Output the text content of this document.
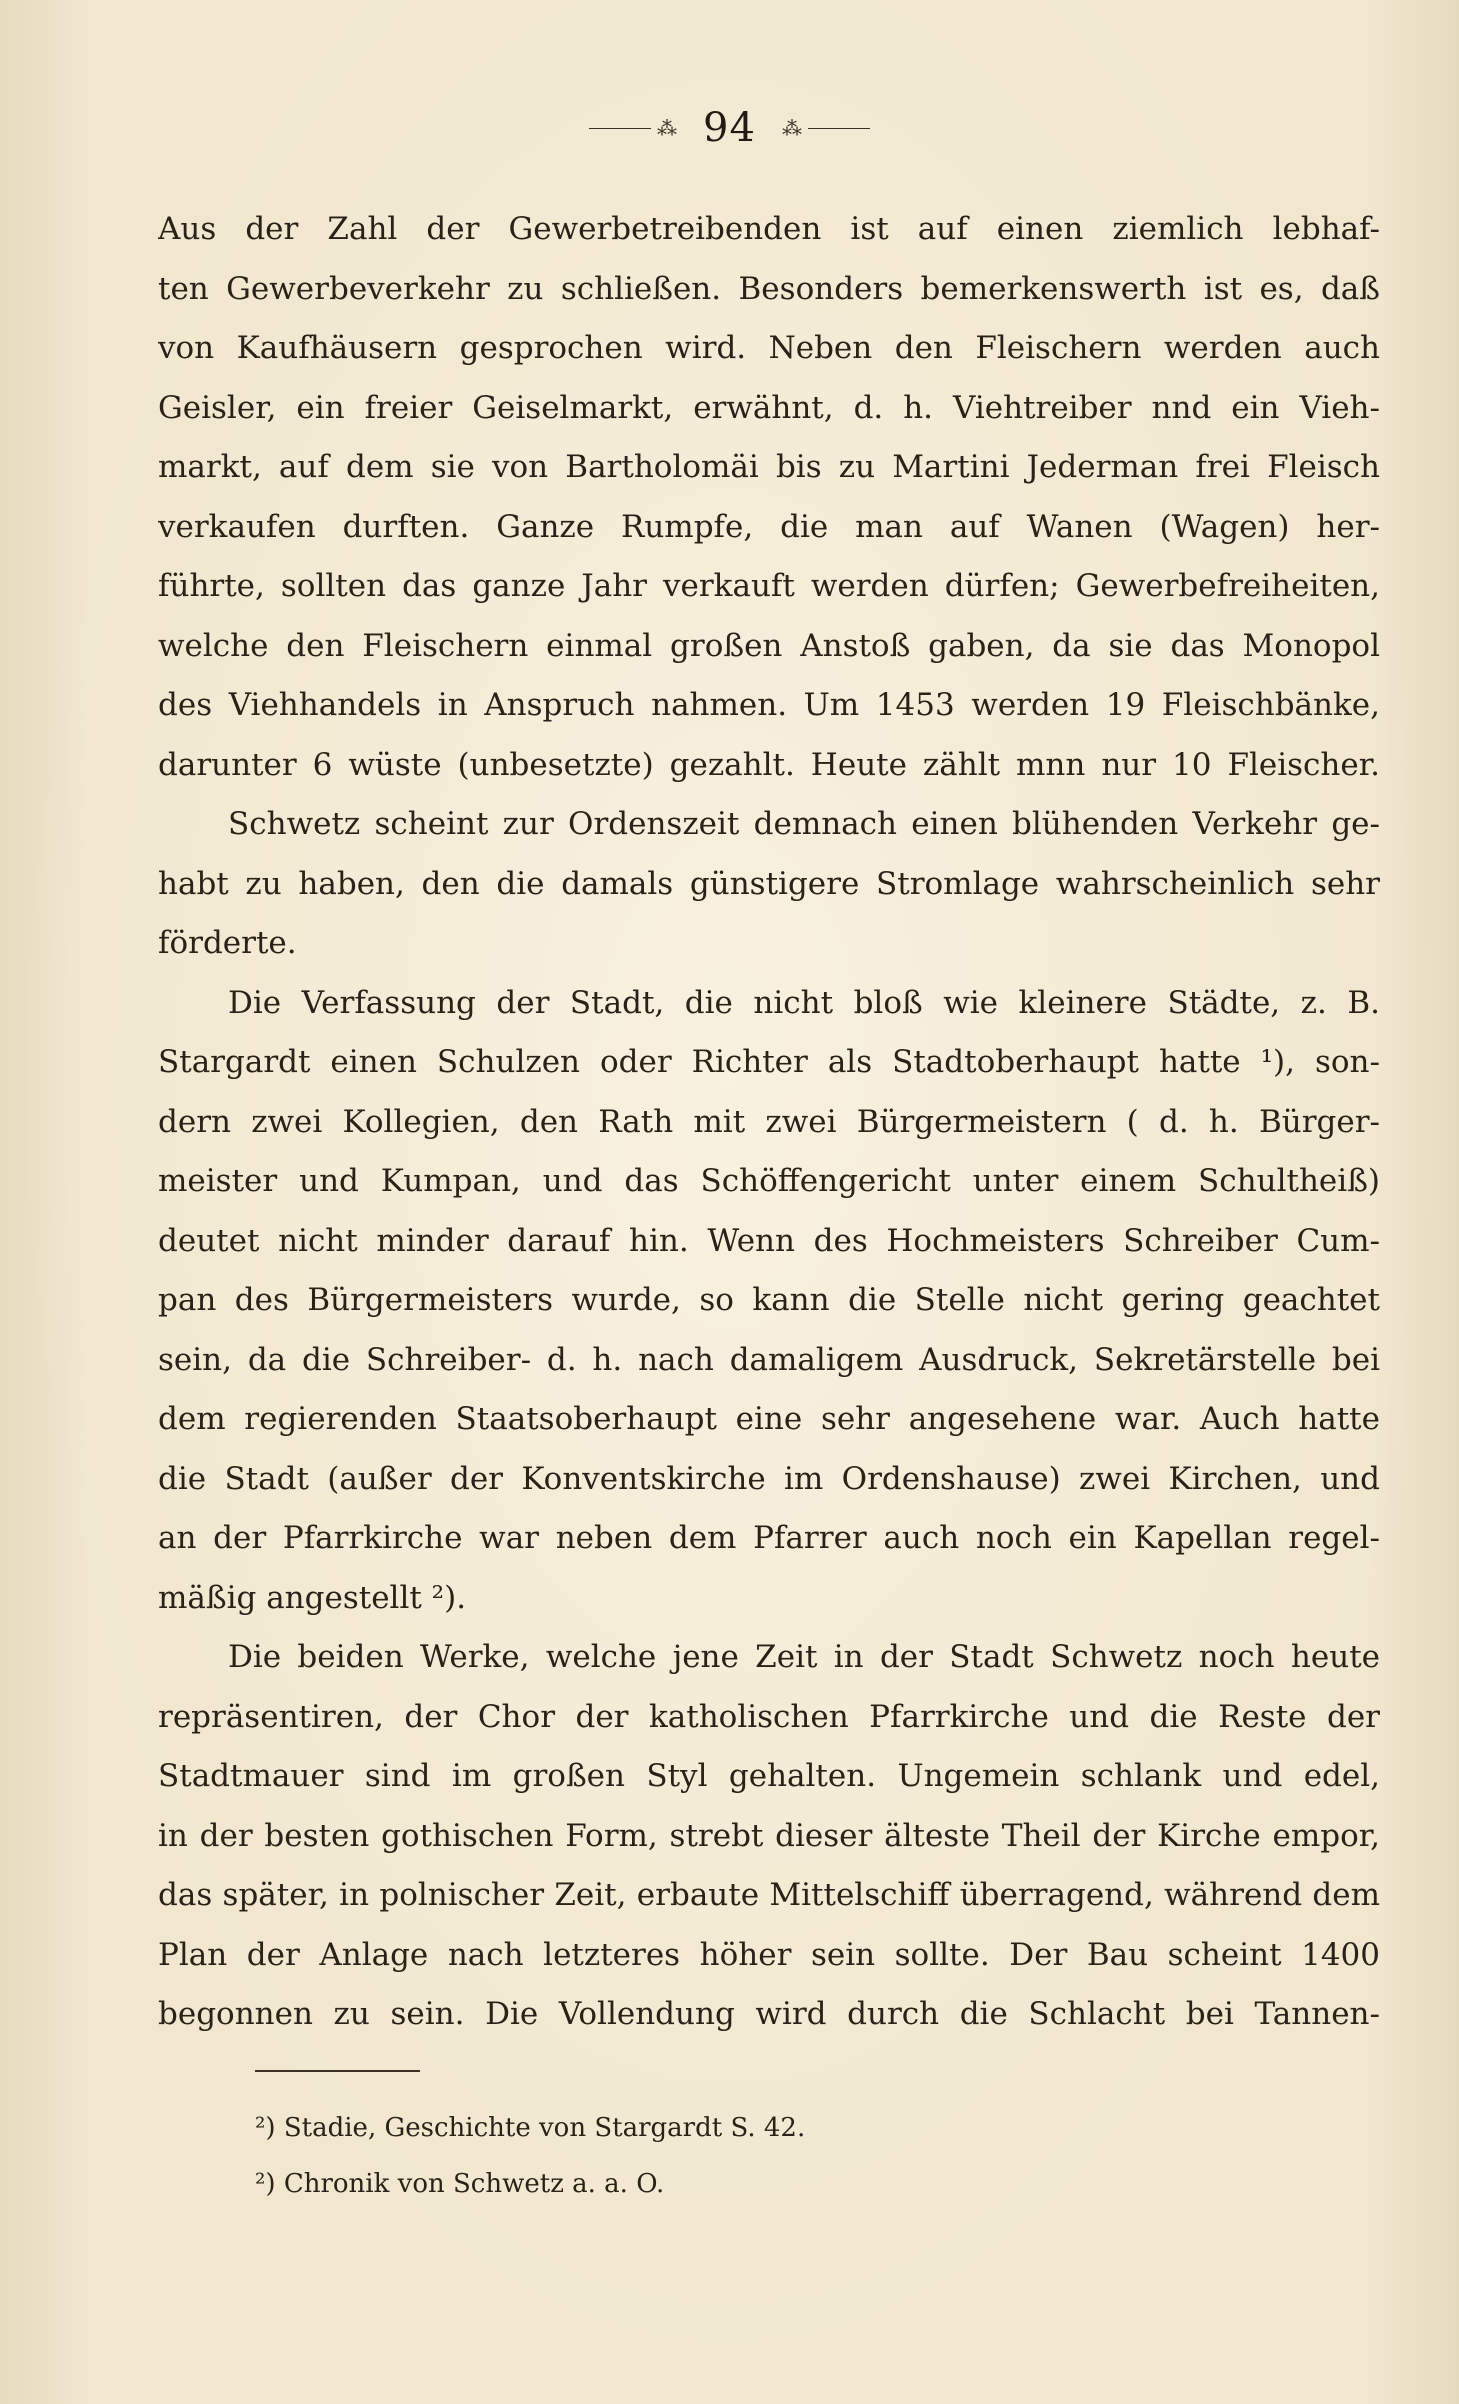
⁂ 94 ⁂
Aus der Zahl der Gewerbetreibenden ist auf einen ziemlich lebhaf-
ten Gewerbeverkehr zu schließen. Besonders bemerkenswerth ist es, daß
von Kaufhäusern gesprochen wird. Neben den Fleischern werden auch
Geisler, ein freier Geiselmarkt, erwähnt, d. h. Viehtreiber nnd ein Vieh-
markt, auf dem sie von Bartholomäi bis zu Martini Jederman frei Fleisch
verkaufen durften. Ganze Rumpfe, die man auf Wanen (Wagen) her-
führte, sollten das ganze Jahr verkauft werden dürfen; Gewerbefreiheiten,
welche den Fleischern einmal großen Anstoß gaben, da sie das Monopol
des Viehhandels in Anspruch nahmen. Um 1453 werden 19 Fleischbänke,
darunter 6 wüste (unbesetzte) gezahlt. Heute zählt mnn nur 10 Fleischer.
Schwetz scheint zur Ordenszeit demnach einen blühenden Verkehr ge-
habt zu haben, den die damals günstigere Stromlage wahrscheinlich sehr
förderte.
Die Verfassung der Stadt, die nicht bloß wie kleinere Städte, z. B.
Stargardt einen Schulzen oder Richter als Stadtoberhaupt hatte ¹), son-
dern zwei Kollegien, den Rath mit zwei Bürgermeistern ( d. h. Bürger-
meister und Kumpan, und das Schöffengericht unter einem Schultheiß)
deutet nicht minder darauf hin. Wenn des Hochmeisters Schreiber Cum-
pan des Bürgermeisters wurde, so kann die Stelle nicht gering geachtet
sein, da die Schreiber- d. h. nach damaligem Ausdruck, Sekretärstelle bei
dem regierenden Staatsoberhaupt eine sehr angesehene war. Auch hatte
die Stadt (außer der Konventskirche im Ordenshause) zwei Kirchen, und
an der Pfarrkirche war neben dem Pfarrer auch noch ein Kapellan regel-
mäßig angestellt ²).
Die beiden Werke, welche jene Zeit in der Stadt Schwetz noch heute
repräsentiren, der Chor der katholischen Pfarrkirche und die Reste der
Stadtmauer sind im großen Styl gehalten. Ungemein schlank und edel,
in der besten gothischen Form, strebt dieser älteste Theil der Kirche empor,
das später, in polnischer Zeit, erbaute Mittelschiff überragend, während dem
Plan der Anlage nach letzteres höher sein sollte. Der Bau scheint 1400
begonnen zu sein. Die Vollendung wird durch die Schlacht bei Tannen-
²) Stadie, Geschichte von Stargardt S. 42.
²) Chronik von Schwetz a. a. O.
